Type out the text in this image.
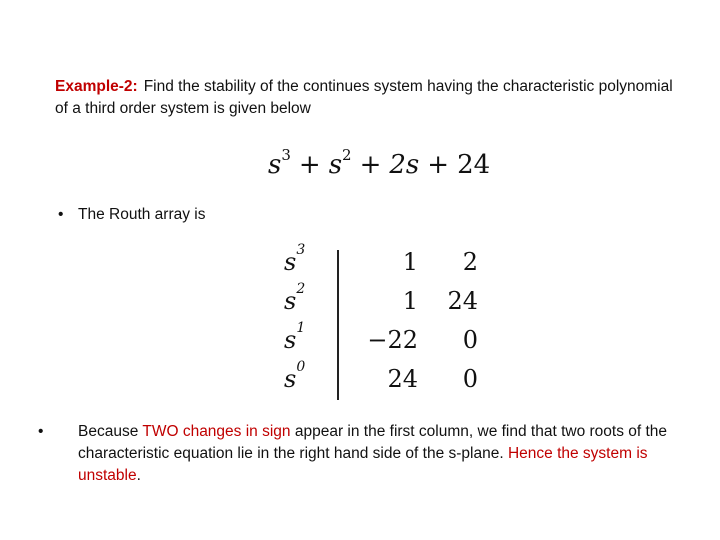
Example-2: Find the stability of the continues system having the characteristic polynomial of a third order system is given below
$s^3 + s^2 + 2s + 24$
• The Routh array is
$s^3$	1 2
$s^2$	1 24
$s^1$	−22 0
$s^0$	24 0
• Because TWO changes in sign appear in the first column, we find that two roots of the characteristic equation lie in the right hand side of the s-plane. Hence the system is unstable.
